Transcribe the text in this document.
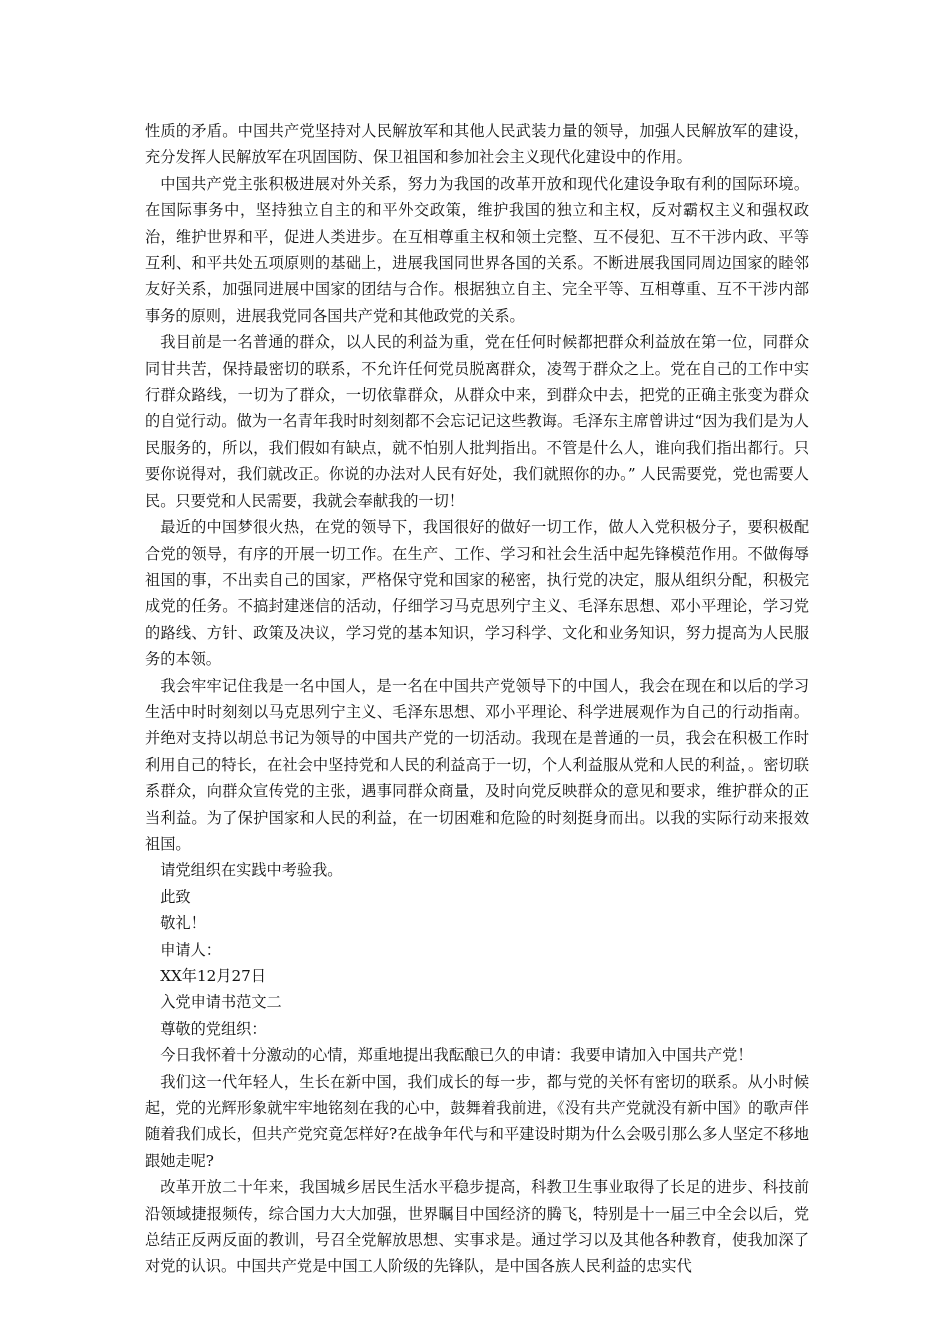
性质的矛盾。中国共产党坚持对人民解放军和其他人民武装力量的领导，加强人民解放军的建设，充分发挥人民解放军在巩固国防、保卫祖国和参加社会主义现代化建设中的作用。

中国共产党主张积极进展对外关系，努力为我国的改革开放和现代化建设争取有利的国际环境。在国际事务中，坚持独立自主的和平外交政策，维护我国的独立和主权，反对霸权主义和强权政治，维护世界和平，促进人类进步。在互相尊重主权和领土完整、互不侵犯、互不干涉内政、平等互利、和平共处五项原则的基础上，进展我国同世界各国的关系。不断进展我国同周边国家的睦邻友好关系，加强同进展中国家的团结与合作。根据独立自主、完全平等、互相尊重、互不干涉内部事务的原则，进展我党同各国共产党和其他政党的关系。

我目前是一名普通的群众，以人民的利益为重，党在任何时候都把群众利益放在第一位，同群众同甘共苦，保持最密切的联系，不允许任何党员脱离群众，凌驾于群众之上。党在自己的工作中实行群众路线，一切为了群众，一切依靠群众，从群众中来，到群众中去，把党的正确主张变为群众的自觉行动。做为一名青年我时时刻刻都不会忘记记这些教诲。毛泽东主席曾讲过“因为我们是为人民服务的，所以，我们假如有缺点，就不怕别人批判指出。不管是什么人，谁向我们指出都行。只要你说得对，我们就改正。你说的办法对人民有好处，我们就照你的办。” 人民需要党，党也需要人民。只要党和人民需要，我就会奉献我的一切！

最近的中国梦很火热，在党的领导下，我国很好的做好一切工作，做人入党积极分子，要积极配合党的领导，有序的开展一切工作。在生产、工作、学习和社会生活中起先锋模范作用。不做侮辱祖国的事，不出卖自己的国家，严格保守党和国家的秘密，执行党的决定，服从组织分配，积极完成党的任务。不搞封建迷信的活动，仔细学习马克思列宁主义、毛泽东思想、邓小平理论，学习党的路线、方针、政策及决议，学习党的基本知识，学习科学、文化和业务知识，努力提高为人民服务的本领。

我会牢牢记住我是一名中国人，是一名在中国共产党领导下的中国人，我会在现在和以后的学习生活中时时刻刻以马克思列宁主义、毛泽东思想、邓小平理论、科学进展观作为自己的行动指南。并绝对支持以胡总书记为领导的中国共产党的一切活动。我现在是普通的一员，我会在积极工作时利用自己的特长，在社会中坚持党和人民的利益高于一切，个人利益服从党和人民的利益，。密切联系群众，向群众宣传党的主张，遇事同群众商量，及时向党反映群众的意见和要求，维护群众的正当利益。为了保护国家和人民的利益，在一切困难和危险的时刻挺身而出。以我的实际行动来报效祖国。

请党组织在实践中考验我。

此致

敬礼！

申请人：

XX年12月27日

入党申请书范文二

尊敬的党组织：

今日我怀着十分激动的心情，郑重地提出我酝酿已久的申请：我要申请加入中国共产党！

我们这一代年轻人，生长在新中国，我们成长的每一步，都与党的关怀有密切的联系。从小时候起，党的光辉形象就牢牢地铭刻在我的心中，鼓舞着我前进，《没有共产党就没有新中国》的歌声伴随着我们成长，但共产党究竟怎样好?在战争年代与和平建设时期为什么会吸引那么多人坚定不移地跟她走呢?

改革开放二十年来，我国城乡居民生活水平稳步提高，科教卫生事业取得了长足的进步、科技前沿领域捷报频传，综合国力大大加强，世界瞩目中国经济的腾飞，特别是十一届三中全会以后，党总结正反两反面的教训，号召全党解放思想、实事求是。通过学习以及其他各种教育，使我加深了对党的认识。中国共产党是中国工人阶级的先锋队，是中国各族人民利益的忠实代
